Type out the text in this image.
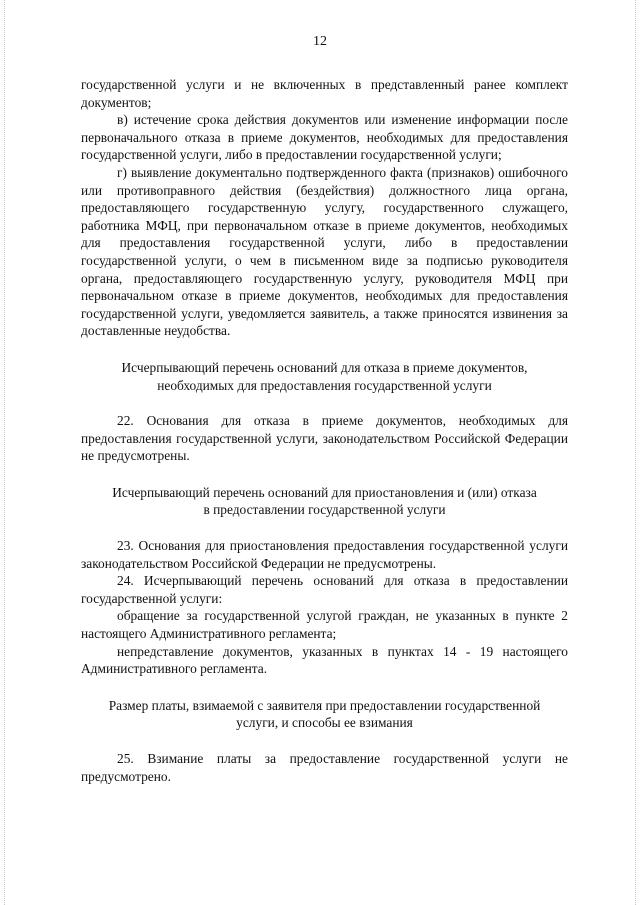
12

государственной услуги и не включенных в представленный ранее комплект документов;

в) истечение срока действия документов или изменение информации после первоначального отказа в приеме документов, необходимых для предоставления государственной услуги, либо в предоставлении государственной услуги;

г) выявление документально подтвержденного факта (признаков) ошибочного или противоправного действия (бездействия) должностного лица органа, предоставляющего государственную услугу, государственного служащего, работника МФЦ, при первоначальном отказе в приеме документов, необходимых для предоставления государственной услуги, либо в предоставлении государственной услуги, о чем в письменном виде за подписью руководителя органа, предоставляющего государственную услугу, руководителя МФЦ при первоначальном отказе в приеме документов, необходимых для предоставления государственной услуги, уведомляется заявитель, а также приносятся извинения за доставленные неудобства.

Исчерпывающий перечень оснований для отказа в приеме документов,
необходимых для предоставления государственной услуги

22. Основания для отказа в приеме документов, необходимых для предоставления государственной услуги, законодательством Российской Федерации не предусмотрены.

Исчерпывающий перечень оснований для приостановления и (или) отказа
в предоставлении государственной услуги

23. Основания для приостановления предоставления государственной услуги законодательством Российской Федерации не предусмотрены.

24. Исчерпывающий перечень оснований для отказа в предоставлении государственной услуги:

обращение за государственной услугой граждан, не указанных в пункте 2 настоящего Административного регламента;

непредставление документов, указанных в пунктах 14 - 19 настоящего Административного регламента.

Размер платы, взимаемой с заявителя при предоставлении государственной
услуги, и способы ее взимания

25. Взимание платы за предоставление государственной услуги не предусмотрено.
